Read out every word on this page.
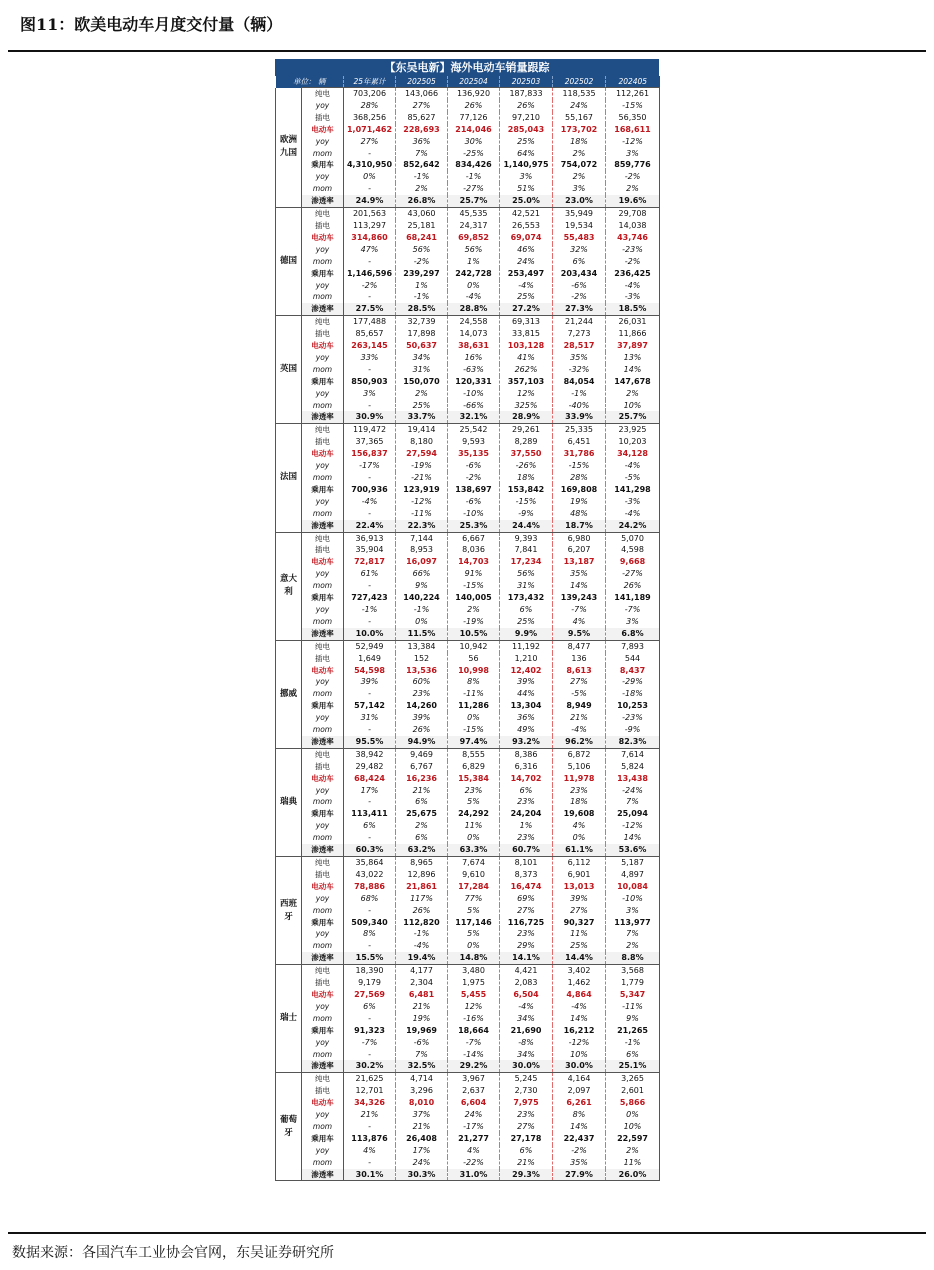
图11：欧美电动车月度交付量（辆）
【东吴电新】海外电动车销量跟踪
单位： 辆		25年累计	202505	202504	202503	202502	202405
欧洲九国	纯电	703,206	143,066	136,920	187,833	118,535	112,261
	yoy	28%	27%	26%	26%	24%	-15%
	插电	368,256	85,627	77,126	97,210	55,167	56,350
	电动车	1,071,462	228,693	214,046	285,043	173,702	168,611
	yoy	27%	36%	30%	25%	18%	-12%
	mom	-	7%	-25%	64%	2%	3%
	乘用车	4,310,950	852,642	834,426	1,140,975	754,072	859,776
	yoy	0%	-1%	-1%	3%	2%	-2%
	mom	-	2%	-27%	51%	3%	2%
	渗透率	24.9%	26.8%	25.7%	25.0%	23.0%	19.6%
德国	纯电	201,563	43,060	45,535	42,521	35,949	29,708
	插电	113,297	25,181	24,317	26,553	19,534	14,038
	电动车	314,860	68,241	69,852	69,074	55,483	43,746
	yoy	47%	56%	56%	46%	32%	-23%
	mom	-	-2%	1%	24%	6%	-2%
	乘用车	1,146,596	239,297	242,728	253,497	203,434	236,425
	yoy	-2%	1%	0%	-4%	-6%	-4%
	mom	-	-1%	-4%	25%	-2%	-3%
	渗透率	27.5%	28.5%	28.8%	27.2%	27.3%	18.5%
英国	纯电	177,488	32,739	24,558	69,313	21,244	26,031
	插电	85,657	17,898	14,073	33,815	7,273	11,866
	电动车	263,145	50,637	38,631	103,128	28,517	37,897
	yoy	33%	34%	16%	41%	35%	13%
	mom	-	31%	-63%	262%	-32%	14%
	乘用车	850,903	150,070	120,331	357,103	84,054	147,678
	yoy	3%	2%	-10%	12%	-1%	2%
	mom	-	25%	-66%	325%	-40%	10%
	渗透率	30.9%	33.7%	32.1%	28.9%	33.9%	25.7%
法国	纯电	119,472	19,414	25,542	29,261	25,335	23,925
	插电	37,365	8,180	9,593	8,289	6,451	10,203
	电动车	156,837	27,594	35,135	37,550	31,786	34,128
	yoy	-17%	-19%	-6%	-26%	-15%	-4%
	mom	-	-21%	-2%	18%	28%	-5%
	乘用车	700,936	123,919	138,697	153,842	169,808	141,298
	yoy	-4%	-12%	-6%	-15%	19%	-3%
	mom	-	-11%	-10%	-9%	48%	-4%
	渗透率	22.4%	22.3%	25.3%	24.4%	18.7%	24.2%
意大利	纯电	36,913	7,144	6,667	9,393	6,980	5,070
	插电	35,904	8,953	8,036	7,841	6,207	4,598
	电动车	72,817	16,097	14,703	17,234	13,187	9,668
	yoy	61%	66%	91%	56%	35%	-27%
	mom	-	9%	-15%	31%	14%	26%
	乘用车	727,423	140,224	140,005	173,432	139,243	141,189
	yoy	-1%	-1%	2%	6%	-7%	-7%
	mom	-	0%	-19%	25%	4%	3%
	渗透率	10.0%	11.5%	10.5%	9.9%	9.5%	6.8%
挪威	纯电	52,949	13,384	10,942	11,192	8,477	7,893
	插电	1,649	152	56	1,210	136	544
	电动车	54,598	13,536	10,998	12,402	8,613	8,437
	yoy	39%	60%	8%	39%	27%	-29%
	mom	-	23%	-11%	44%	-5%	-18%
	乘用车	57,142	14,260	11,286	13,304	8,949	10,253
	yoy	31%	39%	0%	36%	21%	-23%
	mom	-	26%	-15%	49%	-4%	-9%
	渗透率	95.5%	94.9%	97.4%	93.2%	96.2%	82.3%
瑞典	纯电	38,942	9,469	8,555	8,386	6,872	7,614
	插电	29,482	6,767	6,829	6,316	5,106	5,824
	电动车	68,424	16,236	15,384	14,702	11,978	13,438
	yoy	17%	21%	23%	6%	23%	-24%
	mom	-	6%	5%	23%	18%	7%
	乘用车	113,411	25,675	24,292	24,204	19,608	25,094
	yoy	6%	2%	11%	1%	4%	-12%
	mom	-	6%	0%	23%	0%	14%
	渗透率	60.3%	63.2%	63.3%	60.7%	61.1%	53.6%
西班牙	纯电	35,864	8,965	7,674	8,101	6,112	5,187
	插电	43,022	12,896	9,610	8,373	6,901	4,897
	电动车	78,886	21,861	17,284	16,474	13,013	10,084
	yoy	68%	117%	77%	69%	39%	-10%
	mom	-	26%	5%	27%	27%	3%
	乘用车	509,340	112,820	117,146	116,725	90,327	113,977
	yoy	8%	-1%	5%	23%	11%	7%
	mom	-	-4%	0%	29%	25%	2%
	渗透率	15.5%	19.4%	14.8%	14.1%	14.4%	8.8%
瑞士	纯电	18,390	4,177	3,480	4,421	3,402	3,568
	插电	9,179	2,304	1,975	2,083	1,462	1,779
	电动车	27,569	6,481	5,455	6,504	4,864	5,347
	yoy	6%	21%	12%	-4%	-4%	-11%
	mom	-	19%	-16%	34%	14%	9%
	乘用车	91,323	19,969	18,664	21,690	16,212	21,265
	yoy	-7%	-6%	-7%	-8%	-12%	-1%
	mom	-	7%	-14%	34%	10%	6%
	渗透率	30.2%	32.5%	29.2%	30.0%	30.0%	25.1%
葡萄牙	纯电	21,625	4,714	3,967	5,245	4,164	3,265
	插电	12,701	3,296	2,637	2,730	2,097	2,601
	电动车	34,326	8,010	6,604	7,975	6,261	5,866
	yoy	21%	37%	24%	23%	8%	0%
	mom	-	21%	-17%	27%	14%	10%
	乘用车	113,876	26,408	21,277	27,178	22,437	22,597
	yoy	4%	17%	4%	6%	-2%	2%
	mom	-	24%	-22%	21%	35%	11%
	渗透率	30.1%	30.3%	31.0%	29.3%	27.9%	26.0%
数据来源：各国汽车工业协会官网，东吴证券研究所
